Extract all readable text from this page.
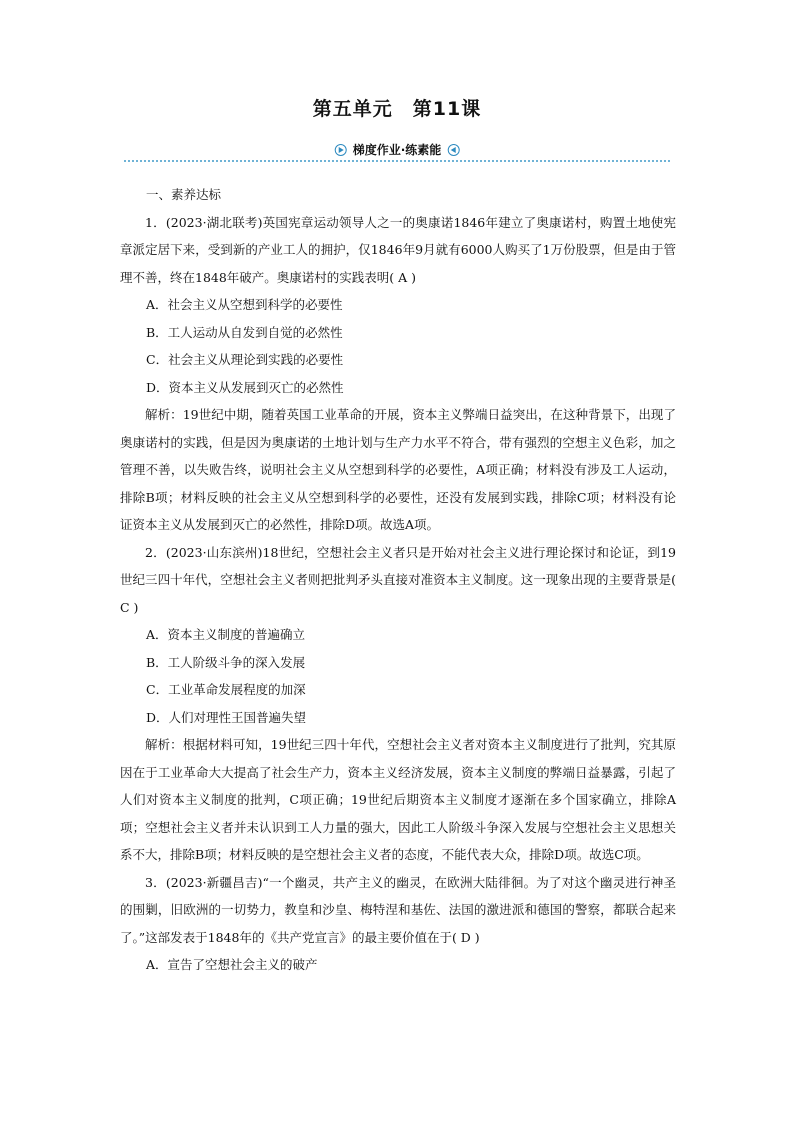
第五单元　第11课
梯度作业·练素能

一、素养达标

1．(2023·湖北联考)英国宪章运动领导人之一的奥康诺1846年建立了奥康诺村，购置土地使宪章派定居下来，受到新的产业工人的拥护，仅1846年9月就有6000人购买了1万份股票，但是由于管理不善，终在1848年破产。奥康诺村的实践表明( A )

A．社会主义从空想到科学的必要性

B．工人运动从自发到自觉的必然性

C．社会主义从理论到实践的必要性

D．资本主义从发展到灭亡的必然性

解析：19世纪中期，随着英国工业革命的开展，资本主义弊端日益突出，在这种背景下，出现了奥康诺村的实践，但是因为奥康诺的土地计划与生产力水平不符合，带有强烈的空想主义色彩，加之管理不善，以失败告终，说明社会主义从空想到科学的必要性，A项正确；材料没有涉及工人运动，排除B项；材料反映的社会主义从空想到科学的必要性，还没有发展到实践，排除C项；材料没有论证资本主义从发展到灭亡的必然性，排除D项。故选A项。

2．(2023·山东滨州)18世纪，空想社会主义者只是开始对社会主义进行理论探讨和论证，到19世纪三四十年代，空想社会主义者则把批判矛头直接对准资本主义制度。这一现象出现的主要背景是( C )

A．资本主义制度的普遍确立

B．工人阶级斗争的深入发展

C．工业革命发展程度的加深

D．人们对理性王国普遍失望

解析：根据材料可知，19世纪三四十年代，空想社会主义者对资本主义制度进行了批判，究其原因在于工业革命大大提高了社会生产力，资本主义经济发展，资本主义制度的弊端日益暴露，引起了人们对资本主义制度的批判，C项正确；19世纪后期资本主义制度才逐渐在多个国家确立，排除A项；空想社会主义者并未认识到工人力量的强大，因此工人阶级斗争深入发展与空想社会主义思想关系不大，排除B项；材料反映的是空想社会主义者的态度，不能代表大众，排除D项。故选C项。

3．(2023·新疆昌吉)“一个幽灵，共产主义的幽灵，在欧洲大陆徘徊。为了对这个幽灵进行神圣的围剿，旧欧洲的一切势力，教皇和沙皇、梅特涅和基佐、法国的激进派和德国的警察，都联合起来了。”这部发表于1848年的《共产党宣言》的最主要价值在于( D )

A．宣告了空想社会主义的破产
